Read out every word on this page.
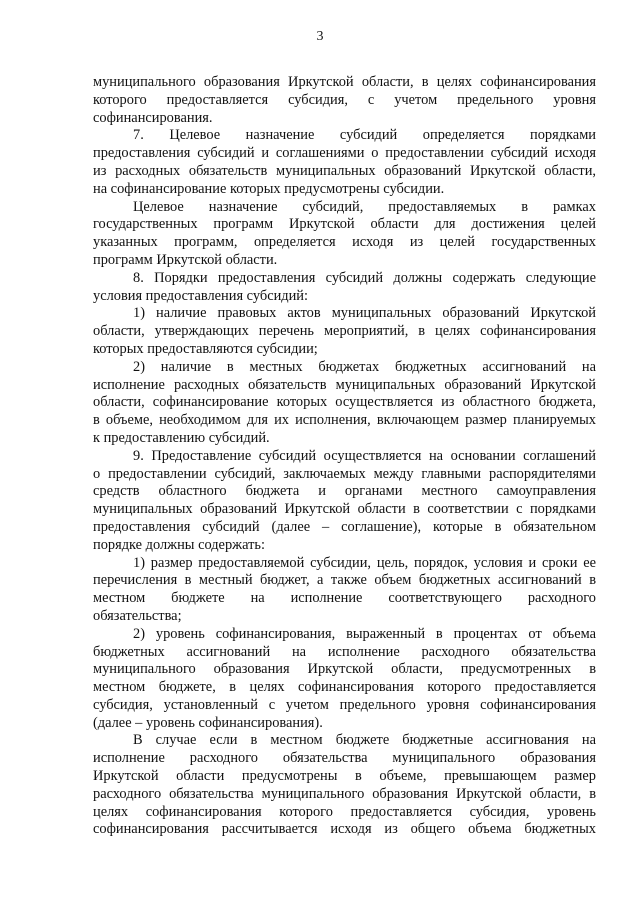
3
муниципального образования Иркутской области, в целях софинансирования
которого предоставляется субсидия, с учетом предельного уровня
софинансирования.
7. Целевое назначение субсидий определяется порядками
предоставления субсидий и соглашениями о предоставлении субсидий исходя
из расходных обязательств муниципальных образований Иркутской области,
на софинансирование которых предусмотрены субсидии.
Целевое назначение субсидий, предоставляемых в рамках
государственных программ Иркутской области для достижения целей
указанных программ, определяется исходя из целей государственных
программ Иркутской области.
8. Порядки предоставления субсидий должны содержать следующие
условия предоставления субсидий:
1) наличие правовых актов муниципальных образований Иркутской
области, утверждающих перечень мероприятий, в целях софинансирования
которых предоставляются субсидии;
2) наличие в местных бюджетах бюджетных ассигнований на
исполнение расходных обязательств муниципальных образований Иркутской
области, софинансирование которых осуществляется из областного бюджета,
в объеме, необходимом для их исполнения, включающем размер планируемых
к предоставлению субсидий.
9. Предоставление субсидий осуществляется на основании соглашений
о предоставлении субсидий, заключаемых между главными распорядителями
средств областного бюджета и органами местного самоуправления
муниципальных образований Иркутской области в соответствии с порядками
предоставления субсидий (далее – соглашение), которые в обязательном
порядке должны содержать:
1) размер предоставляемой субсидии, цель, порядок, условия и сроки ее
перечисления в местный бюджет, а также объем бюджетных ассигнований в
местном бюджете на исполнение соответствующего расходного
обязательства;
2) уровень софинансирования, выраженный в процентах от объема
бюджетных ассигнований на исполнение расходного обязательства
муниципального образования Иркутской области, предусмотренных в
местном бюджете, в целях софинансирования которого предоставляется
субсидия, установленный с учетом предельного уровня софинансирования
(далее – уровень софинансирования).
В случае если в местном бюджете бюджетные ассигнования на
исполнение расходного обязательства муниципального образования
Иркутской области предусмотрены в объеме, превышающем размер
расходного обязательства муниципального образования Иркутской области, в
целях софинансирования которого предоставляется субсидия, уровень
софинансирования рассчитывается исходя из общего объема бюджетных
